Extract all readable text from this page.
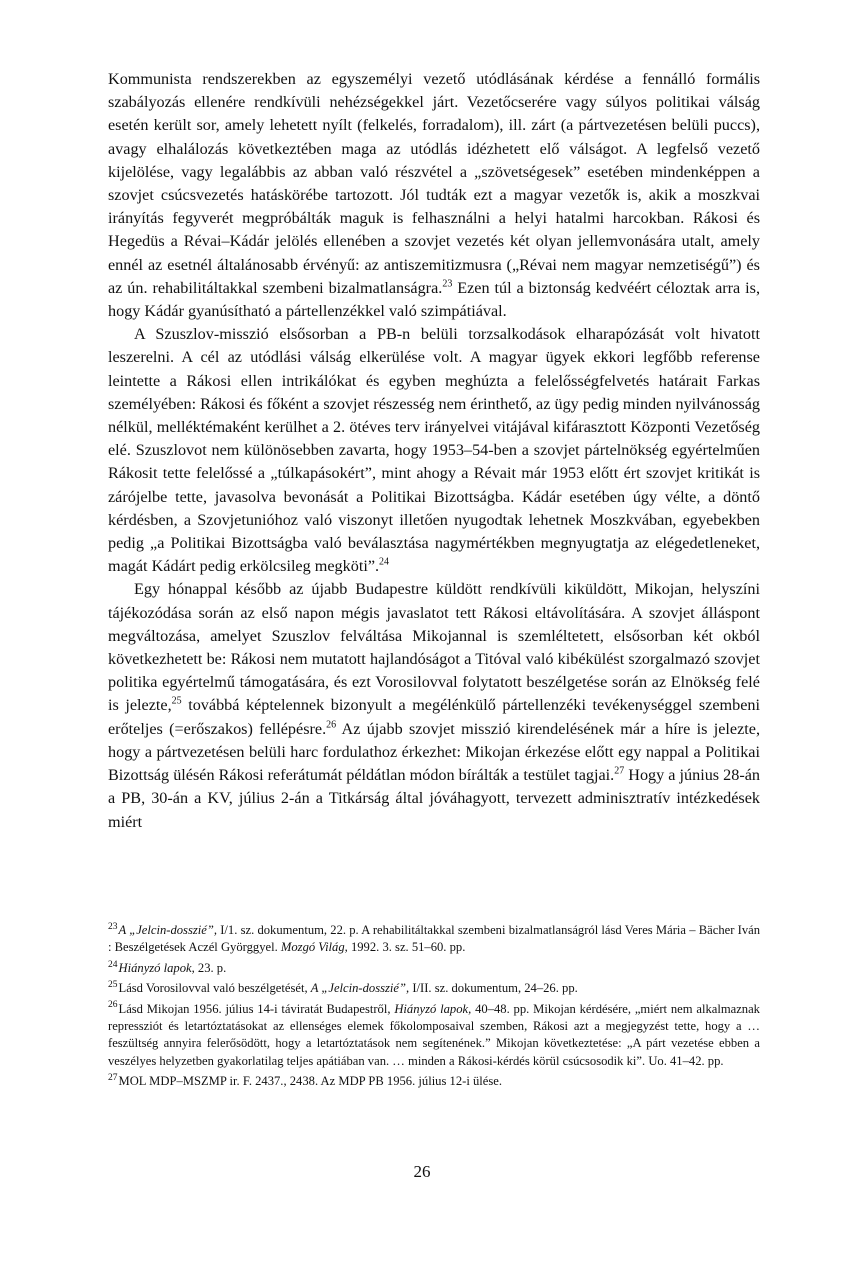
Kommunista rendszerekben az egyszemélyi vezető utódlásának kérdése a fennálló formális szabályozás ellenére rendkívüli nehézségekkel járt. Vezetőcserére vagy súlyos politikai válság esetén került sor, amely lehetett nyílt (felkelés, forradalom), ill. zárt (a pártvezetésen belüli puccs), avagy elhalálozás következtében maga az utódlás idézhetett elő válságot. A legfelső vezető kijelölése, vagy legalábbis az abban való részvétel a „szövetségesek” esetében mindenképpen a szovjet csúcsvezetés hatáskörébe tartozott. Jól tudták ezt a magyar vezetők is, akik a moszkvai irányítás fegyverét megpróbálták maguk is felhasználni a helyi hatalmi harcokban. Rákosi és Hegedüs a Révai–Kádár jelölés ellenében a szovjet vezetés két olyan jellemvonására utalt, amely ennél az esetnél általánosabb érvényű: az antiszemitizmusra („Révai nem magyar nemzetiségű”) és az ún. rehabilitáltakkal szembeni bizalmatlanságra.$^{23}$ Ezen túl a biztonság kedvéért céloztak arra is, hogy Kádár gyanúsítható a pártellenzékkel való szimpátiával.

A Szuszlov-misszió elsősorban a PB-n belüli torzsalkodások elharapózását volt hivatott leszerelni. A cél az utódlási válság elkerülése volt. A magyar ügyek ekkori legfőbb referense leintette a Rákosi ellen intrikálókat és egyben meghúzta a felelősségfelvetés határait Farkas személyében: Rákosi és főként a szovjet részesség nem érinthető, az ügy pedig minden nyilvánosság nélkül, melléktémaként kerülhet a 2. ötéves terv irányelvei vitájával kifárasztott Központi Vezetőség elé. Szuszlovot nem különösebben zavarta, hogy 1953–54-ben a szovjet pártelnökség egyértelműen Rákosit tette felelőssé a „túlkapásokért”, mint ahogy a Révait már 1953 előtt ért szovjet kritikát is zárójelbe tette, javasolva bevonását a Politikai Bizottságba. Kádár esetében úgy vélte, a döntő kérdésben, a Szovjetunióhoz való viszonyt illetően nyugodtak lehetnek Moszkvában, egyebekben pedig „a Politikai Bizottságba való beválasztása nagymértékben megnyugtatja az elégedetleneket, magát Kádárt pedig erkölcsileg megköti”.$^{24}$

Egy hónappal később az újabb Budapestre küldött rendkívüli kiküldött, Mikojan, helyszíni tájékozódása során az első napon mégis javaslatot tett Rákosi eltávolítására. A szovjet álláspont megváltozása, amelyet Szuszlov felváltása Mikojannal is szemléltetett, elsősorban két okból következhetett be: Rákosi nem mutatott hajlandóságot a Titóval való kibékülést szorgalmazó szovjet politika egyértelmű támogatására, és ezt Vorosilovval folytatott beszélgetése során az Elnökség felé is jelezte,$^{25}$ továbbá képtelennek bizonyult a megélénkülő pártellenzéki tevékenységgel szembeni erőteljes (=erőszakos) fellépésre.$^{26}$ Az újabb szovjet misszió kirendelésének már a híre is jelezte, hogy a pártvezetésen belüli harc fordulathoz érkezhet: Mikojan érkezése előtt egy nappal a Politikai Bizottság ülésén Rákosi referátumát példátlan módon bírálták a testület tagjai.$^{27}$ Hogy a június 28-án a PB, 30-án a KV, július 2-án a Titkárság által jóváhagyott, tervezett adminisztratív intézkedések miért

$^{23}$A „Jelcin-dosszié”, I/1. sz. dokumentum, 22. p. A rehabilitáltakkal szembeni bizalmatlanságról lásd Veres Mária – Bächer Iván : Beszélgetések Aczél Györggyel. Mozgó Világ, 1992. 3. sz. 51–60. pp.

$^{24}$Hiányzó lapok, 23. p.

$^{25}$Lásd Vorosilovval való beszélgetését, A „Jelcin-dosszié”, I/II. sz. dokumentum, 24–26. pp.

$^{26}$Lásd Mikojan 1956. július 14-i táviratát Budapestről, Hiányzó lapok, 40–48. pp. Mikojan kérdésére, „miért nem alkalmaznak repressziót és letartóztatásokat az ellenséges elemek főkolomposaival szemben, Rákosi azt a megjegyzést tette, hogy a … feszültség annyira felerősödött, hogy a letartóztatások nem segítenének.” Mikojan következtetése: „A párt vezetése ebben a veszélyes helyzetben gyakorlatilag teljes apátiában van. … minden a Rákosi-kérdés körül csúcsosodik ki”. Uo. 41–42. pp.

$^{27}$MOL MDP–MSZMP ir. F. 2437., 2438. Az MDP PB 1956. július 12-i ülése.

26
